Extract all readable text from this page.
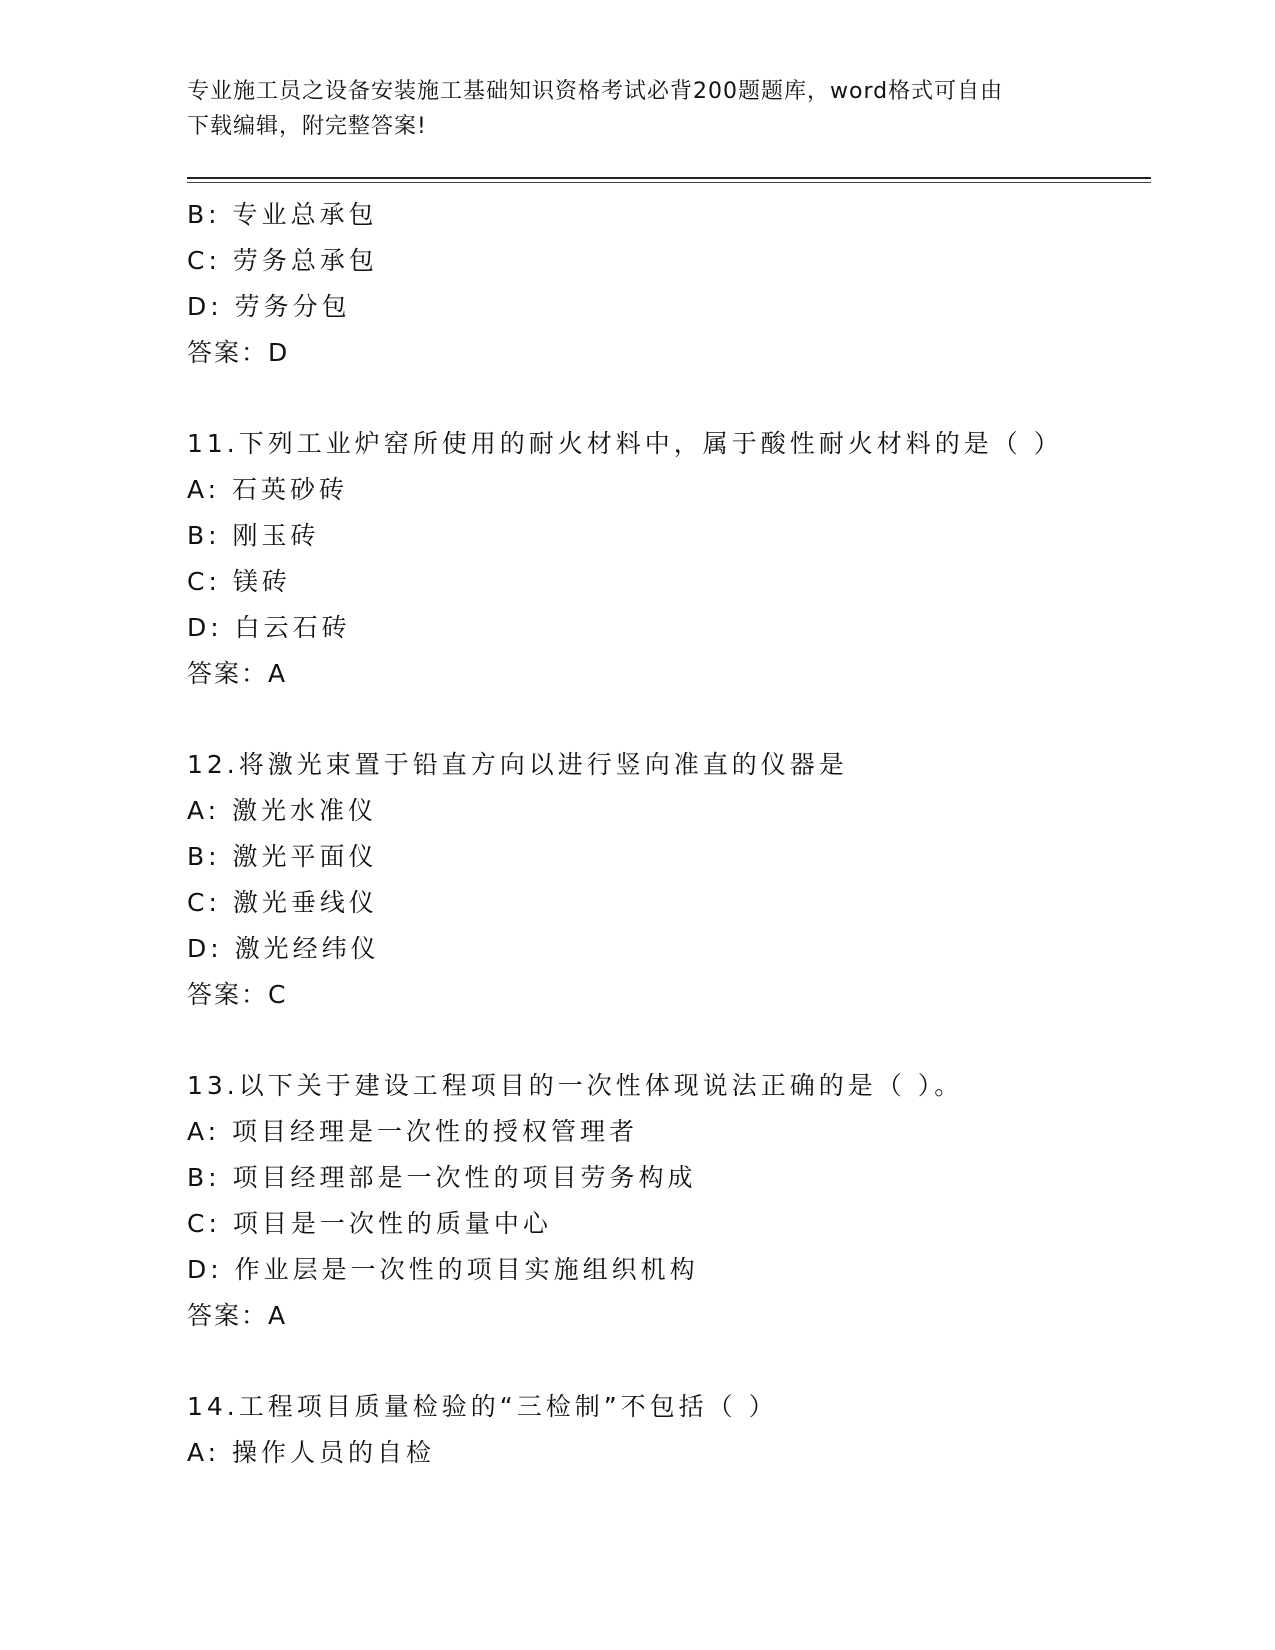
专业施工员之设备安装施工基础知识资格考试必背200题题库，word格式可自由
下载编辑，附完整答案!
B: 专业总承包
C: 劳务总承包
D: 劳务分包
答案：D
11.下列工业炉窑所使用的耐火材料中，属于酸性耐火材料的是（ ）
A: 石英砂砖
B: 刚玉砖
C: 镁砖
D: 白云石砖
答案：A
12.将激光束置于铅直方向以进行竖向准直的仪器是
A: 激光水准仪
B: 激光平面仪
C: 激光垂线仪
D: 激光经纬仪
答案：C
13.以下关于建设工程项目的一次性体现说法正确的是（ ）。
A: 项目经理是一次性的授权管理者
B: 项目经理部是一次性的项目劳务构成
C: 项目是一次性的质量中心
D: 作业层是一次性的项目实施组织机构
答案：A
14.工程项目质量检验的“三检制”不包括（ ）
A: 操作人员的自检
